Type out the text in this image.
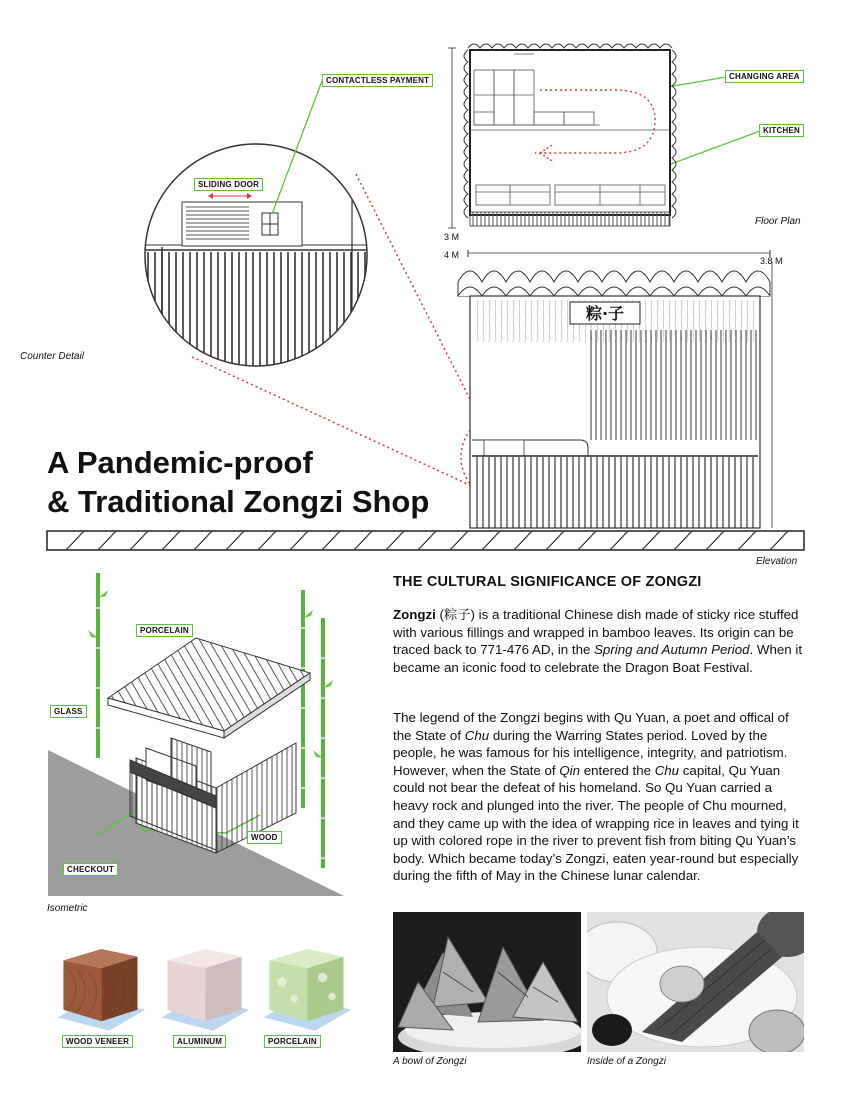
CONTACTLESS PAYMENT
SLIDING DOOR
Counter Detail
CHANGING AREA
KITCHEN
Floor Plan
3 M
4 M
3.8 M
粽·子
Elevation
A Pandemic-proof
& Traditional Zongzi Shop
PORCELAIN
GLASS
WOOD
CHECKOUT
Isometric
WOOD VENEER	ALUMINUM	PORCELAIN
THE CULTURAL SIGNIFICANCE OF ZONGZI

Zongzi (粽子) is a traditional Chinese dish made of sticky rice stuffed with various fillings and wrapped in bamboo leaves. Its origin can be traced back to 771-476 AD, in the Spring and Autumn Period. When it became an iconic food to celebrate the Dragon Boat Festival.

The legend of the Zongzi begins with Qu Yuan, a poet and offical of the State of Chu during the Warring States period. Loved by the people, he was famous for his intelligence, integrity, and patriotism. However, when the State of Qin entered the Chu capital, Qu Yuan could not bear the defeat of his homeland. So Qu Yuan carried a heavy rock and plunged into the river. The people of Chu mourned, and they came up with the idea of wrapping rice in leaves and tying it up with colored rope in the river to prevent fish from biting Qu Yuan’s body. Which became today’s Zongzi, eaten year-round but especially during the fifth of May in the Chinese lunar calendar.

A bowl of Zongzi	Inside of a Zongzi
